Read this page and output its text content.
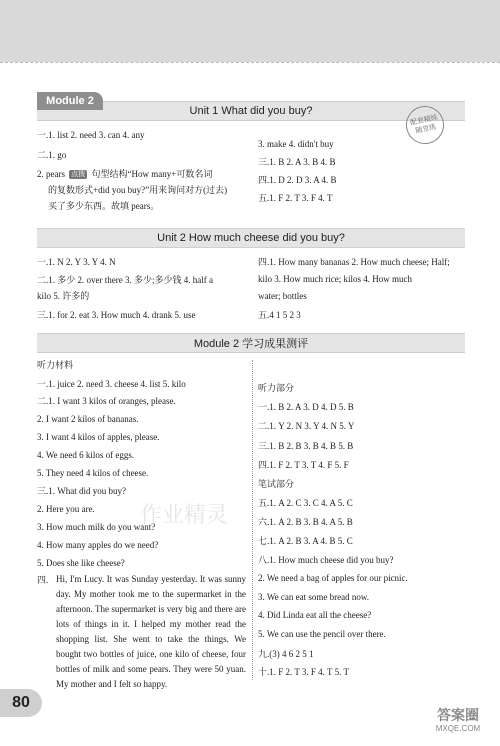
Unit 1 What did you buy?
Module 2
配套精练 随堂练
一.1. list 2. need 3. can 4. any
二.1. go
2. pears 点拨 句型结构“How many+可数名词
的复数形式+did you buy?”用来询问对方(过去)
买了多少东西。故填 pears。
3. make 4. didn't buy
三.1. B 2. A 3. B 4. B
四.1. D 2. D 3. A 4. B
五.1. F 2. T 3. F 4. T
Unit 2 How much cheese did you buy?
一.1. N 2. Y 3. Y 4. N
二.1. 多少 2. over there 3. 多少;多少钱 4. half a
kilo 5. 许多的
三.1. for 2. eat 3. How much 4. drank 5. use
四.1. How many bananas 2. How much cheese; Half;
kilo 3. How much rice; kilos 4. How much
water; bottles
五.4 1 5 2 3
Module 2 学习成果测评
听力材料
一.1. juice 2. need 3. cheese 4. list 5. kilo
二.1. I want 3 kilos of oranges, please.
2. I want 2 kilos of bananas.
3. I want 4 kilos of apples, please.
4. We need 6 kilos of eggs.
5. They need 4 kilos of cheese.
三.1. What did you buy?
2. Here you are.
3. How much milk do you want?
4. How many apples do we need?
5. Does she like cheese?
四. Hi, I'm Lucy. It was Sunday yesterday. It was sunny day. My mother took me to the supermarket in the afternoon. The supermarket is very big and there are lots of things in it. I helped my mother read the shopping list. She went to take the things. We bought two bottles of juice, one kilo of cheese, four bottles of milk and some pears. They were 50 yuan. My mother and I felt so happy.
作业精灵
听力部分
一.1. B 2. A 3. D 4. D 5. B
二.1. Y 2. N 3. Y 4. N 5. Y
三.1. B 2. B 3. B 4. B 5. B
四.1. F 2. T 3. T 4. F 5. F
笔试部分
五.1. A 2. C 3. C 4. A 5. C
六.1. A 2. B 3. B 4. A 5. B
七.1. A 2. B 3. A 4. B 5. C
八.1. How much cheese did you buy?
2. We need a bag of apples for our picnic.
3. We can eat some bread now.
4. Did Linda eat all the cheese?
5. We can use the pencil over there.
九.(3) 4 6 2 5 1
十.1. F 2. T 3. F 4. T 5. T
80
答案圈
MXQE.COM
